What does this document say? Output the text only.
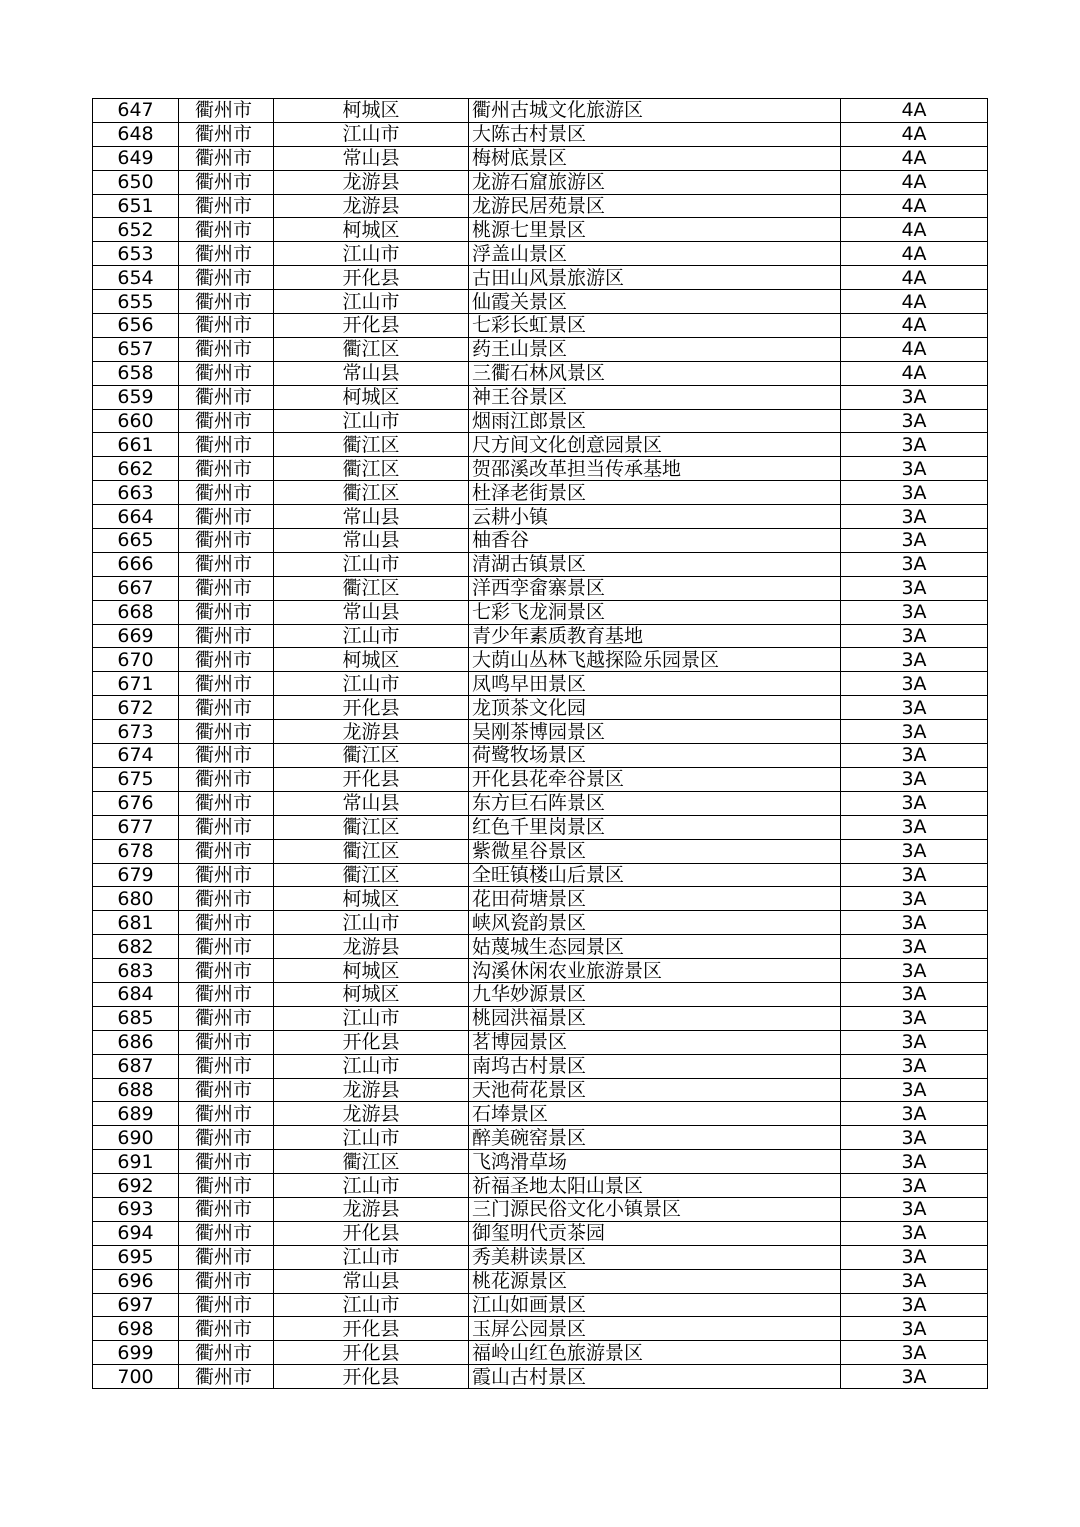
647	衢州市	柯城区	衢州古城文化旅游区	4A
648	衢州市	江山市	大陈古村景区	4A
649	衢州市	常山县	梅树底景区	4A
650	衢州市	龙游县	龙游石窟旅游区	4A
651	衢州市	龙游县	龙游民居苑景区	4A
652	衢州市	柯城区	桃源七里景区	4A
653	衢州市	江山市	浮盖山景区	4A
654	衢州市	开化县	古田山风景旅游区	4A
655	衢州市	江山市	仙霞关景区	4A
656	衢州市	开化县	七彩长虹景区	4A
657	衢州市	衢江区	药王山景区	4A
658	衢州市	常山县	三衢石林风景区	4A
659	衢州市	柯城区	神王谷景区	3A
660	衢州市	江山市	烟雨江郎景区	3A
661	衢州市	衢江区	尺方间文化创意园景区	3A
662	衢州市	衢江区	贺邵溪改革担当传承基地	3A
663	衢州市	衢江区	杜泽老街景区	3A
664	衢州市	常山县	云耕小镇	3A
665	衢州市	常山县	柚香谷	3A
666	衢州市	江山市	清湖古镇景区	3A
667	衢州市	衢江区	洋西孪畲寨景区	3A
668	衢州市	常山县	七彩飞龙洞景区	3A
669	衢州市	江山市	青少年素质教育基地	3A
670	衢州市	柯城区	大荫山丛林飞越探险乐园景区	3A
671	衢州市	江山市	凤鸣早田景区	3A
672	衢州市	开化县	龙顶茶文化园	3A
673	衢州市	龙游县	吴刚茶博园景区	3A
674	衢州市	衢江区	荷鹭牧场景区	3A
675	衢州市	开化县	开化县花牵谷景区	3A
676	衢州市	常山县	东方巨石阵景区	3A
677	衢州市	衢江区	红色千里岗景区	3A
678	衢州市	衢江区	紫微星谷景区	3A
679	衢州市	衢江区	全旺镇楼山后景区	3A
680	衢州市	柯城区	花田荷塘景区	3A
681	衢州市	江山市	峡风瓷韵景区	3A
682	衢州市	龙游县	姑蔑城生态园景区	3A
683	衢州市	柯城区	沟溪休闲农业旅游景区	3A
684	衢州市	柯城区	九华妙源景区	3A
685	衢州市	江山市	桃园洪福景区	3A
686	衢州市	开化县	茗博园景区	3A
687	衢州市	江山市	南坞古村景区	3A
688	衢州市	龙游县	天池荷花景区	3A
689	衢州市	龙游县	石埲景区	3A
690	衢州市	江山市	醉美碗窑景区	3A
691	衢州市	衢江区	飞鸿滑草场	3A
692	衢州市	江山市	祈福圣地太阳山景区	3A
693	衢州市	龙游县	三门源民俗文化小镇景区	3A
694	衢州市	开化县	御玺明代贡茶园	3A
695	衢州市	江山市	秀美耕读景区	3A
696	衢州市	常山县	桃花源景区	3A
697	衢州市	江山市	江山如画景区	3A
698	衢州市	开化县	玉屏公园景区	3A
699	衢州市	开化县	福岭山红色旅游景区	3A
700	衢州市	开化县	霞山古村景区	3A
